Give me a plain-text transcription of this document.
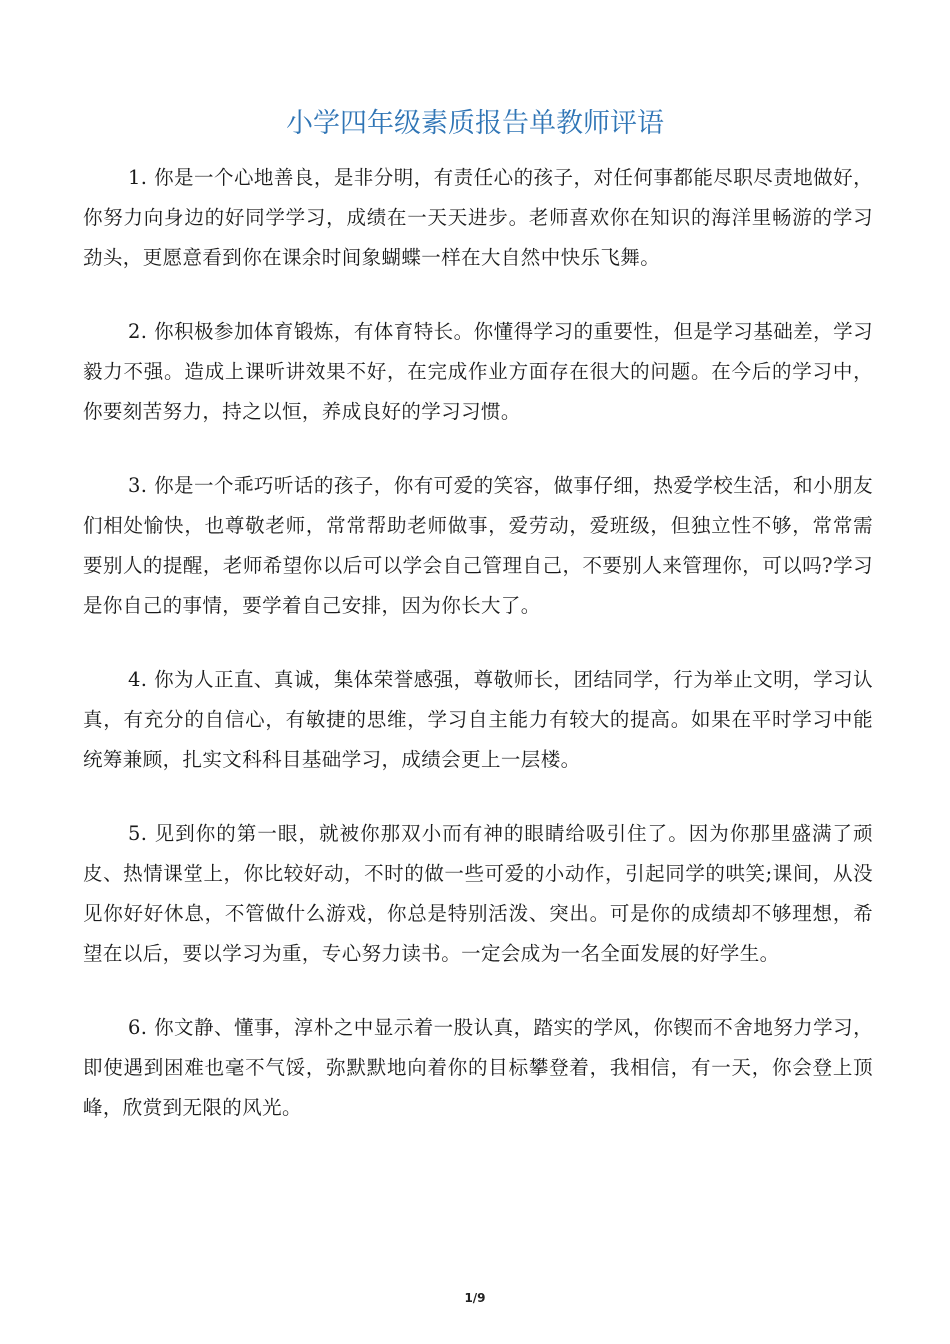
小学四年级素质报告单教师评语

1. 你是一个心地善良，是非分明，有责任心的孩子，对任何事都能尽职尽责地做好，你努力向身边的好同学学习，成绩在一天天进步。老师喜欢你在知识的海洋里畅游的学习劲头，更愿意看到你在课余时间象蝴蝶一样在大自然中快乐飞舞。

2. 你积极参加体育锻炼，有体育特长。你懂得学习的重要性，但是学习基础差，学习毅力不强。造成上课听讲效果不好，在完成作业方面存在很大的问题。在今后的学习中，你要刻苦努力，持之以恒，养成良好的学习习惯。

3. 你是一个乖巧听话的孩子，你有可爱的笑容，做事仔细，热爱学校生活，和小朋友们相处愉快，也尊敬老师，常常帮助老师做事，爱劳动，爱班级，但独立性不够，常常需要别人的提醒，老师希望你以后可以学会自己管理自己，不要别人来管理你，可以吗?学习是你自己的事情，要学着自己安排，因为你长大了。

4. 你为人正直、真诚，集体荣誉感强，尊敬师长，团结同学，行为举止文明，学习认真，有充分的自信心，有敏捷的思维，学习自主能力有较大的提高。如果在平时学习中能统筹兼顾，扎实文科科目基础学习，成绩会更上一层楼。

5. 见到你的第一眼，就被你那双小而有神的眼睛给吸引住了。因为你那里盛满了顽皮、热情课堂上，你比较好动，不时的做一些可爱的小动作，引起同学的哄笑;课间，从没见你好好休息，不管做什么游戏，你总是特别活泼、突出。可是你的成绩却不够理想，希望在以后，要以学习为重，专心努力读书。一定会成为一名全面发展的好学生。

6. 你文静、懂事，淳朴之中显示着一股认真，踏实的学风，你锲而不舍地努力学习，即使遇到困难也毫不气馁，弥默默地向着你的目标攀登着，我相信，有一天，你会登上顶峰，欣赏到无限的风光。

1/9
